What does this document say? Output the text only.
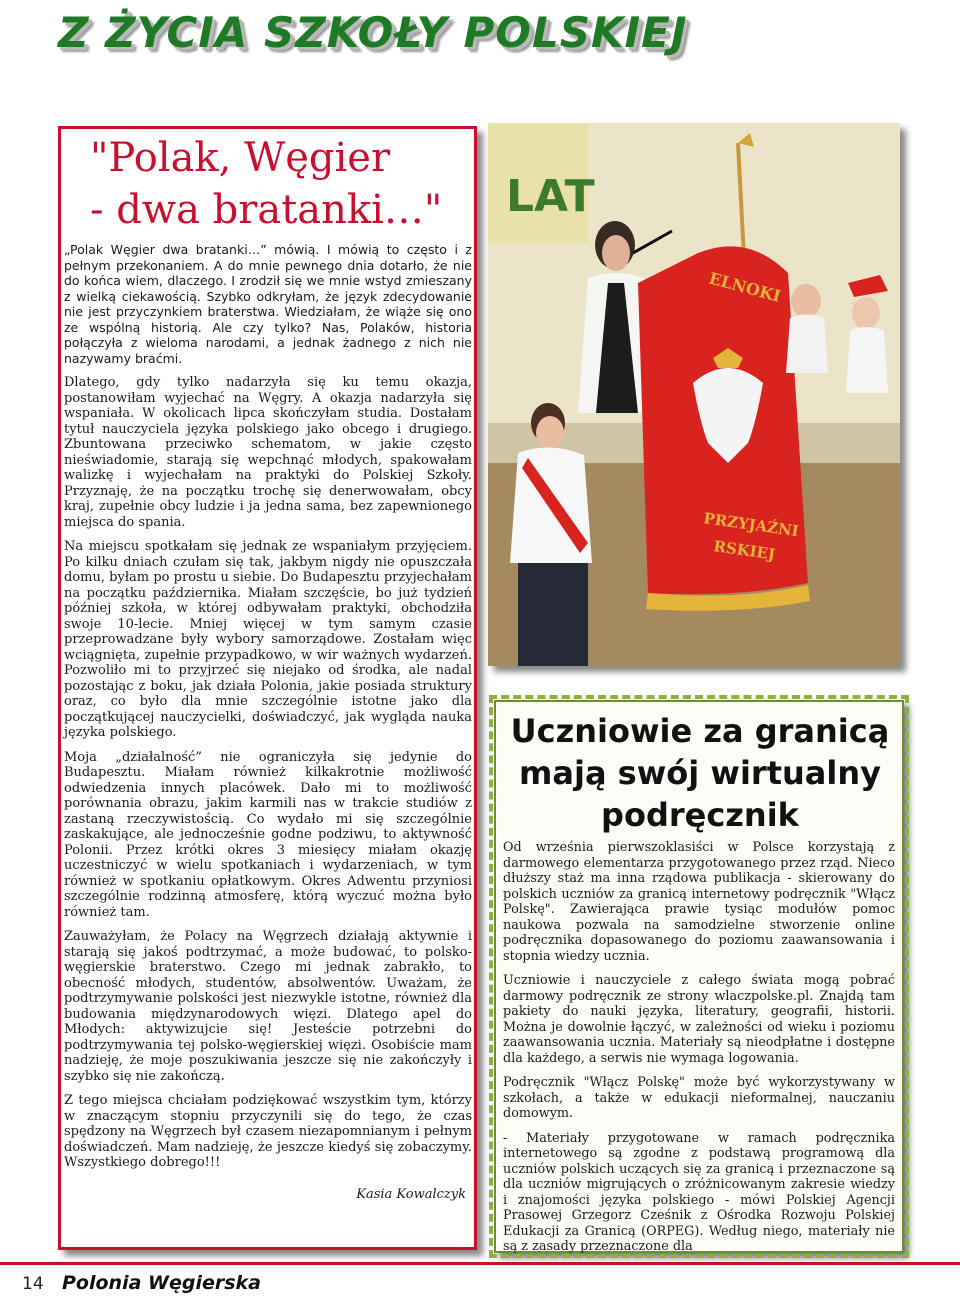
Z ŻYCIA SZKOŁY POLSKIEJ
"Polak, Węgier
- dwa bratanki…"

„Polak Węgier dwa bratanki…” mówią. I mówią to często i z pełnym przekonaniem. A do mnie pewnego dnia dotarło, że nie do końca wiem, dlaczego. I zrodził się we mnie wstyd zmieszany z wielką ciekawością. Szybko odkryłam, że język zdecydowanie nie jest przyczynkiem braterstwa. Wiedziałam, że wiąże się ono ze wspólną historią. Ale czy tylko? Nas, Polaków, historia połączyła z wieloma narodami, a jednak żadnego z nich nie nazywamy braćmi.

Dlatego, gdy tylko nadarzyła się ku temu okazja, postanowiłam wyjechać na Węgry. A okazja nadarzyła się wspaniała. W okolicach lipca skończyłam studia. Dostałam tytuł nauczyciela języka polskiego jako obcego i drugiego. Zbuntowana przeciwko schematom, w jakie często nieświadomie, starają się wepchnąć młodych, spakowałam walizkę i wyjechałam na praktyki do Polskiej Szkoły. Przyznaję, że na początku trochę się denerwowałam, obcy kraj, zupełnie obcy ludzie i ja jedna sama, bez zapewnionego miejsca do spania.

Na miejscu spotkałam się jednak ze wspaniałym przyjęciem. Po kilku dniach czułam się tak, jakbym nigdy nie opuszczała domu, byłam po prostu u siebie. Do Budapesztu przyjechałam na początku października. Miałam szczęście, bo już tydzień później szkoła, w której odbywałam praktyki, obchodziła swoje 10-lecie. Mniej więcej w tym samym czasie przeprowadzane były wybory samorządowe. Zostałam więc wciągnięta, zupełnie przypadkowo, w wir ważnych wydarzeń. Pozwoliło mi to przyjrzeć się niejako od środka, ale nadal pozostając z boku, jak działa Polonia, jakie posiada struktury oraz, co było dla mnie szczególnie istotne jako dla początkującej nauczycielki, doświadczyć, jak wygląda nauka języka polskiego.

Moja „działalność” nie ograniczyła się jedynie do Budapesztu. Miałam również kilkakrotnie możliwość odwiedzenia innych placówek. Dało mi to możliwość porównania obrazu, jakim karmili nas w trakcie studiów z zastaną rzeczywistością. Co wydało mi się szczególnie zaskakujące, ale jednocześnie godne podziwu, to aktywność Polonii. Przez krótki okres 3 miesięcy miałam okazję uczestniczyć w wielu spotkaniach i wydarzeniach, w tym również w spotkaniu opłatkowym. Okres Adwentu przyniosi szczególnie rodzinną atmosferę, którą wyczuć można było również tam.

Zauważyłam, że Polacy na Węgrzech działają aktywnie i starają się jakoś podtrzymać, a może budować, to polsko-węgierskie braterstwo. Czego mi jednak zabrakło, to obecność młodych, studentów, absolwentów. Uważam, że podtrzymywanie polskości jest niezwykle istotne, również dla budowania międzynarodowych więzi. Dlatego apel do Młodych: aktywizujcie się! Jesteście potrzebni do podtrzymywania tej polsko-węgierskiej więzi. Osobiście mam nadzieję, że moje poszukiwania jeszcze się nie zakończyły i szybko się nie zakończą.

Z tego miejsca chciałam podziękować wszystkim tym, którzy w znaczącym stopniu przyczynili się do tego, że czas spędzony na Węgrzech był czasem niezapomnianym i pełnym doświadczeń. Mam nadzieję, że jeszcze kiedyś się zobaczymy. Wszystkiego dobrego!!!

Kasia Kowalczyk
LAT
ELNOKI
PRZYJAŹNI
RSKIEJ
Uczniowie za granicą mają swój wirtualny podręcznik

Od września pierwszoklasiści w Polsce korzystają z darmowego elementarza przygotowanego przez rząd. Nieco dłuższy staż ma inna rządowa publikacja - skierowany do polskich uczniów za granicą internetowy podręcznik "Włącz Polskę". Zawierająca prawie tysiąc modułów pomoc naukowa pozwala na samodzielne stworzenie online podręcznika dopasowanego do poziomu zaawansowania i stopnia wiedzy ucznia.

Uczniowie i nauczyciele z całego świata mogą pobrać darmowy podręcznik ze strony wlaczpolske.pl. Znajdą tam pakiety do nauki języka, literatury, geografii, historii. Można je dowolnie łączyć, w zależności od wieku i poziomu zaawansowania ucznia. Materiały są nieodpłatne i dostępne dla każdego, a serwis nie wymaga logowania.

Podręcznik "Włącz Polskę" może być wykorzystywany w szkołach, a także w edukacji nieformalnej, nauczaniu domowym.

- Materiały przygotowane w ramach podręcznika internetowego są zgodne z podstawą programową dla uczniów polskich uczących się za granicą i przeznaczone są dla uczniów migrujących o zróżnicowanym zakresie wiedzy i znajomości języka polskiego - mówi Polskiej Agencji Prasowej Grzegorz Cześnik z Ośrodka Rozwoju Polskiej Edukacji za Granicą (ORPEG). Według niego, materiały nie są z zasady przeznaczone dla

14 Polonia Węgierska
